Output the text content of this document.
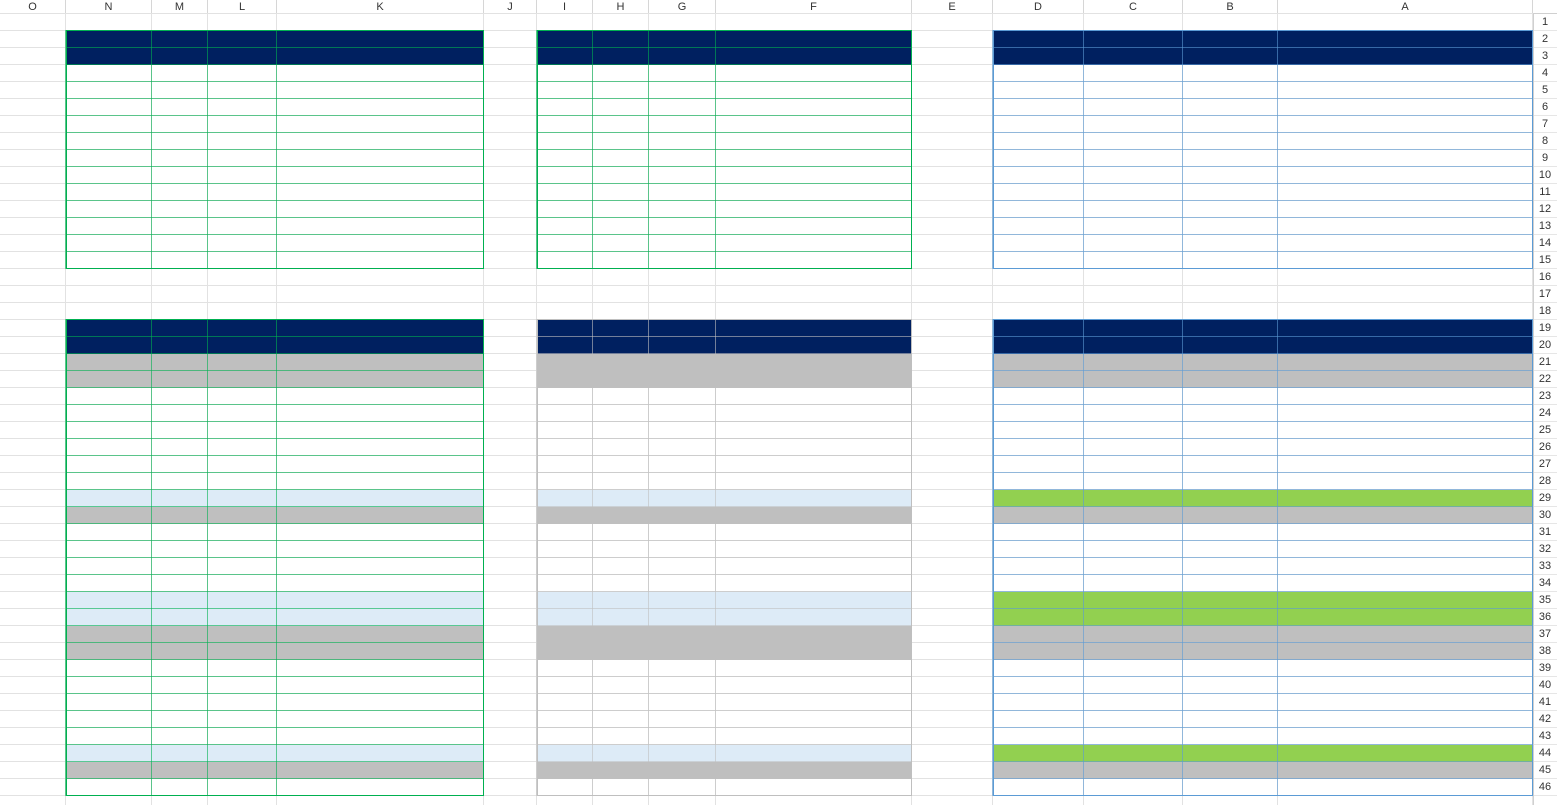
O	N	M	L	K	J	I	H	G	F	E	D	C	B	A
1
2
3
4
5
6
7
8
9
10
11
12
13
14
15
16
17
18
19
20
21
22
23
24
25
26
27
28
29
30
31
32
33
34
35
36
37
38
39
40
41
42
43
44
45
46
